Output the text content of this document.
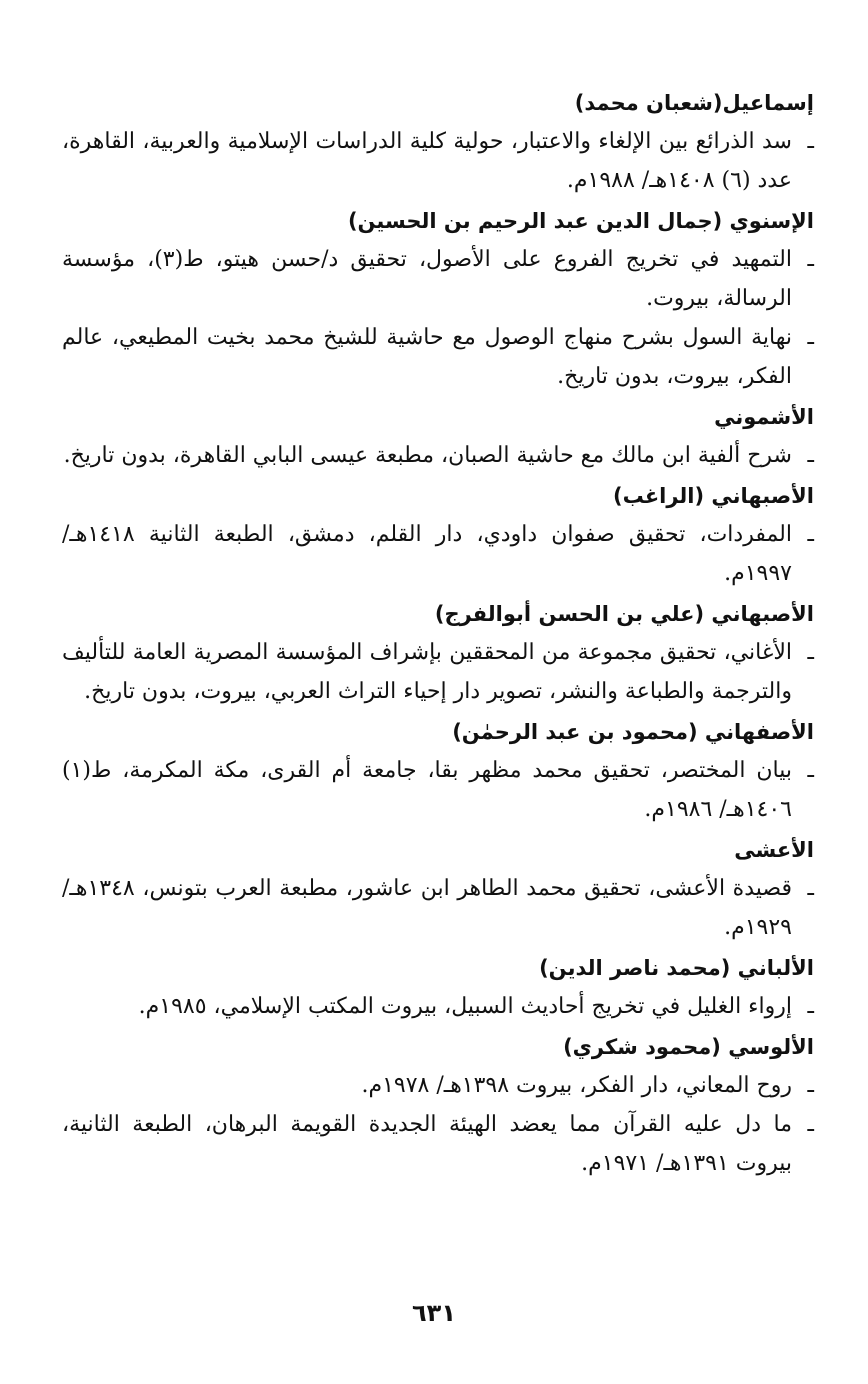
إسماعيل(شعبان محمد)

ـسد الذرائع بين الإلغاء والاعتبار، حولية كلية الدراسات الإسلامية والعربية، القاهرة، عدد (٦) ١٤٠٨هـ/ ١٩٨٨م.

الإسنوي (جمال الدين عبد الرحيم بن الحسين)

ـالتمهيد في تخريج الفروع على الأصول، تحقيق د/حسن هيتو، ط(٣)، مؤسسة الرسالة، بيروت.

ـنهاية السول بشرح منهاج الوصول مع حاشية للشيخ محمد بخيت المطيعي، عالم الفكر، بيروت، بدون تاريخ.

الأشموني

ـشرح ألفية ابن مالك مع حاشية الصبان، مطبعة عيسى البابي القاهرة، بدون تاريخ.

الأصبهاني (الراغب)

ـالمفردات، تحقيق صفوان داودي، دار القلم، دمشق، الطبعة الثانية ١٤١٨هـ/ ١٩٩٧م.

الأصبهاني (علي بن الحسن أبوالفرج)

ـالأغاني، تحقيق مجموعة من المحققين بإشراف المؤسسة المصرية العامة للتأليف والترجمة والطباعة والنشر، تصوير دار إحياء التراث العربي، بيروت، بدون تاريخ.

الأصفهاني (محمود بن عبد الرحمٰن)

ـبيان المختصر، تحقيق محمد مظهر بقا، جامعة أم القرى، مكة المكرمة، ط(١) ١٤٠٦هـ/ ١٩٨٦م.

الأعشى

ـقصيدة الأعشى، تحقيق محمد الطاهر ابن عاشور، مطبعة العرب بتونس، ١٣٤٨هـ/ ١٩٢٩م.

الألباني (محمد ناصر الدين)

ـإرواء الغليل في تخريج أحاديث السبيل، بيروت المكتب الإسلامي، ١٩٨٥م.

الألوسي (محمود شكري)

ـروح المعاني، دار الفكر، بيروت ١٣٩٨هـ/ ١٩٧٨م.

ـما دل عليه القرآن مما يعضد الهيئة الجديدة القويمة البرهان، الطبعة الثانية، بيروت ١٣٩١هـ/ ١٩٧١م.

٦٣١
